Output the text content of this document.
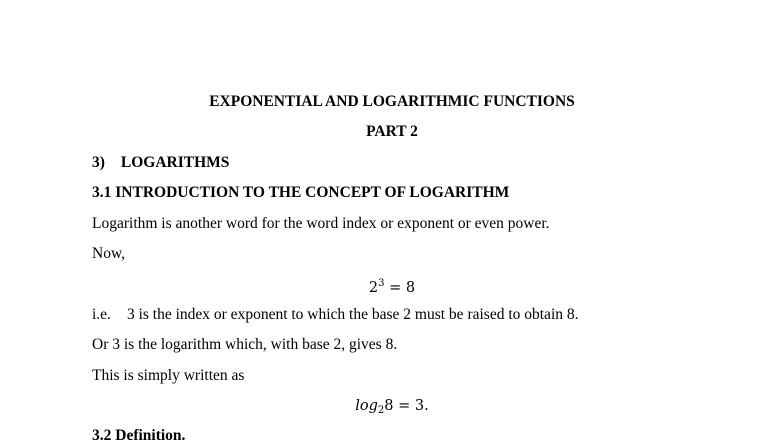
EXPONENTIAL AND LOGARITHMIC FUNCTIONS
PART 2
3) LOGARITHMS
3.1 INTRODUCTION TO THE CONCEPT OF LOGARITHM
Logarithm is another word for the word index or exponent or even power.
Now,
$2^3 = 8$
i.e. 3 is the index or exponent to which the base 2 must be raised to obtain 8.
Or 3 is the logarithm which, with base 2, gives 8.
This is simply written as
$\log_28 = 3$.
3.2 Definition.
